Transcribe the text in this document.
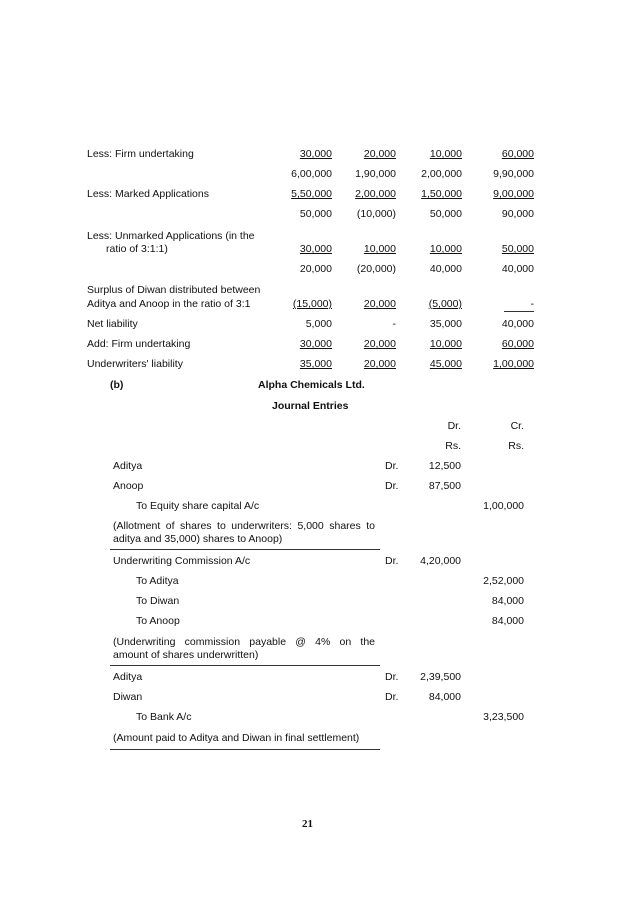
Less: Firm undertaking	30,000	20,000	10,000	60,000
6,00,000	1,90,000	2,00,000	9,90,000
Less: Marked Applications	5,50,000	2,00,000	1,50,000	9,00,000
50,000	(10,000)	50,000	90,000
Less: Unmarked Applications (in the
ratio of 3:1:1)	30,000	10,000	10,000	50,000
20,000	(20,000)	40,000	40,000
Surplus of Diwan distributed between
Aditya and Anoop in the ratio of 3:1	(15,000)	20,000	(5,000)	-
Net liability	5,000	-	35,000	40,000
Add: Firm undertaking	30,000	20,000	10,000	60,000
Underwriters' liability	35,000	20,000	45,000	1,00,000
(b)	Alpha Chemicals Ltd.
Journal Entries
Dr.	Cr.
Rs.	Rs.
Aditya	Dr.	12,500
Anoop	Dr.	87,500
To Equity share capital A/c	1,00,000
(Allotment of shares to underwriters: 5,000 shares to aditya and 35,000) shares to Anoop)
Underwriting Commission A/c	Dr.	4,20,000
To Aditya	2,52,000
To Diwan	84,000
To Anoop	84,000
(Underwriting commission payable @ 4% on the amount of shares underwritten)
Aditya	Dr.	2,39,500
Diwan	Dr.	84,000
To Bank A/c	3,23,500
(Amount paid to Aditya and Diwan in final settlement)
21
